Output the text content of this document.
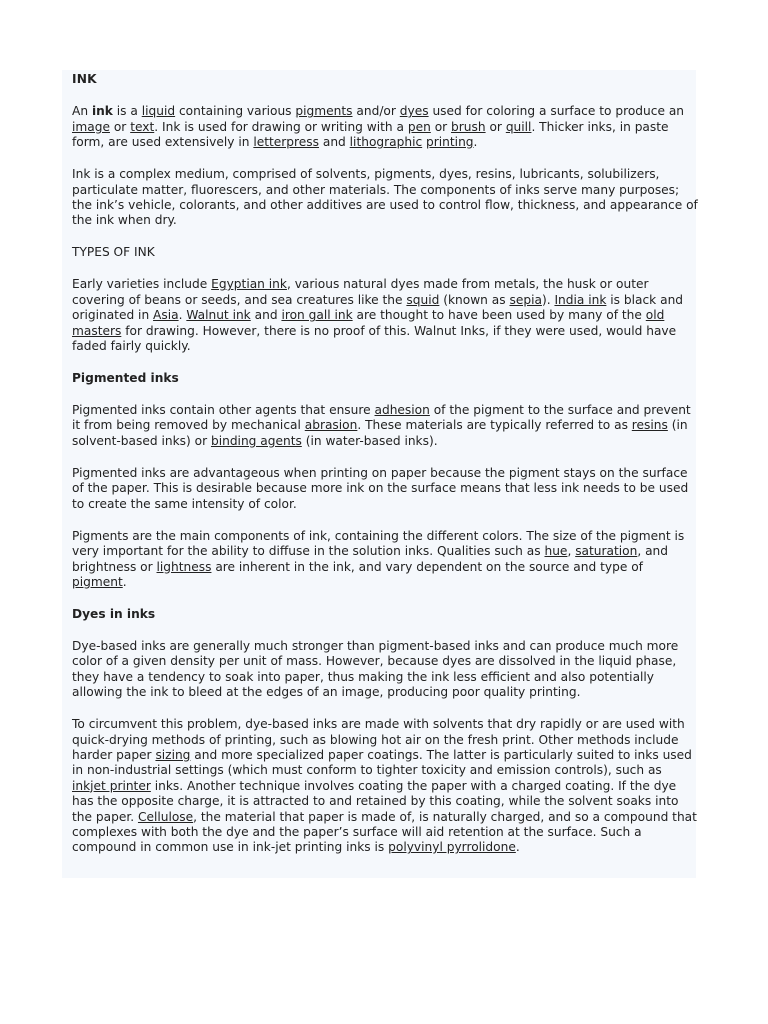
INK

An ink is a liquid containing various pigments and/or dyes used for coloring a surface to produce an image or text. Ink is used for drawing or writing with a pen or brush or quill. Thicker inks, in paste form, are used extensively in letterpress and lithographic printing.

Ink is a complex medium, comprised of solvents, pigments, dyes, resins, lubricants, solubilizers, particulate matter, fluorescers, and other materials. The components of inks serve many purposes; the ink’s vehicle, colorants, and other additives are used to control flow, thickness, and appearance of the ink when dry.

TYPES OF INK

Early varieties include Egyptian ink, various natural dyes made from metals, the husk or outer covering of beans or seeds, and sea creatures like the squid (known as sepia). India ink is black and originated in Asia. Walnut ink and iron gall ink are thought to have been used by many of the old masters for drawing. However, there is no proof of this. Walnut Inks, if they were used, would have faded fairly quickly.

Pigmented inks

Pigmented inks contain other agents that ensure adhesion of the pigment to the surface and prevent it from being removed by mechanical abrasion. These materials are typically referred to as resins (in solvent-based inks) or binding agents (in water-based inks).

Pigmented inks are advantageous when printing on paper because the pigment stays on the surface of the paper. This is desirable because more ink on the surface means that less ink needs to be used to create the same intensity of color.

Pigments are the main components of ink, containing the different colors. The size of the pigment is very important for the ability to diffuse in the solution inks. Qualities such as hue, saturation, and brightness or lightness are inherent in the ink, and vary dependent on the source and type of pigment.

Dyes in inks

Dye-based inks are generally much stronger than pigment-based inks and can produce much more color of a given density per unit of mass. However, because dyes are dissolved in the liquid phase, they have a tendency to soak into paper, thus making the ink less efficient and also potentially allowing the ink to bleed at the edges of an image, producing poor quality printing.

To circumvent this problem, dye-based inks are made with solvents that dry rapidly or are used with quick-drying methods of printing, such as blowing hot air on the fresh print. Other methods include harder paper sizing and more specialized paper coatings. The latter is particularly suited to inks used in non-industrial settings (which must conform to tighter toxicity and emission controls), such as inkjet printer inks. Another technique involves coating the paper with a charged coating. If the dye has the opposite charge, it is attracted to and retained by this coating, while the solvent soaks into the paper. Cellulose, the material that paper is made of, is naturally charged, and so a compound that complexes with both the dye and the paper’s surface will aid retention at the surface. Such a compound in common use in ink-jet printing inks is polyvinyl pyrrolidone.
